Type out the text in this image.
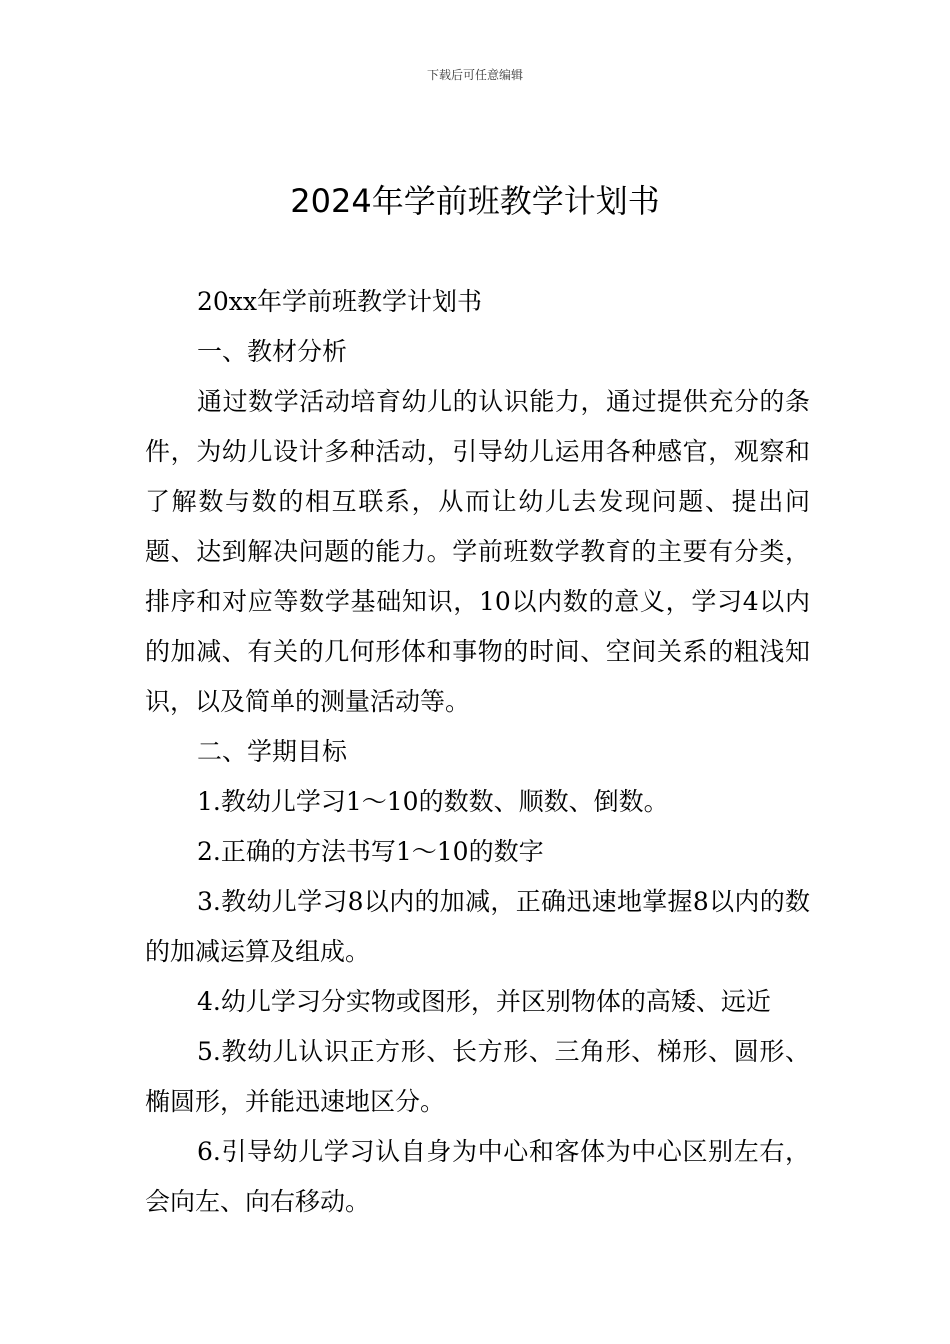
下载后可任意编辑
2024年学前班教学计划书

20xx年学前班教学计划书

一、教材分析

通过数学活动培育幼儿的认识能力，通过提供充分的条件，为幼儿设计多种活动，引导幼儿运用各种感官，观察和了解数与数的相互联系，从而让幼儿去发现问题、提出问题、达到解决问题的能力。学前班数学教育的主要有分类，排序和对应等数学基础知识，10以内数的意义，学习4以内的加减、有关的几何形体和事物的时间、空间关系的粗浅知识，以及简单的测量活动等。

二、学期目标

1.教幼儿学习1～10的数数、顺数、倒数。

2.正确的方法书写1～10的数字

3.教幼儿学习8以内的加减，正确迅速地掌握8以内的数的加减运算及组成。

4.幼儿学习分实物或图形，并区别物体的高矮、远近

5.教幼儿认识正方形、长方形、三角形、梯形、圆形、椭圆形，并能迅速地区分。

6.引导幼儿学习认自身为中心和客体为中心区别左右，会向左、向右移动。
